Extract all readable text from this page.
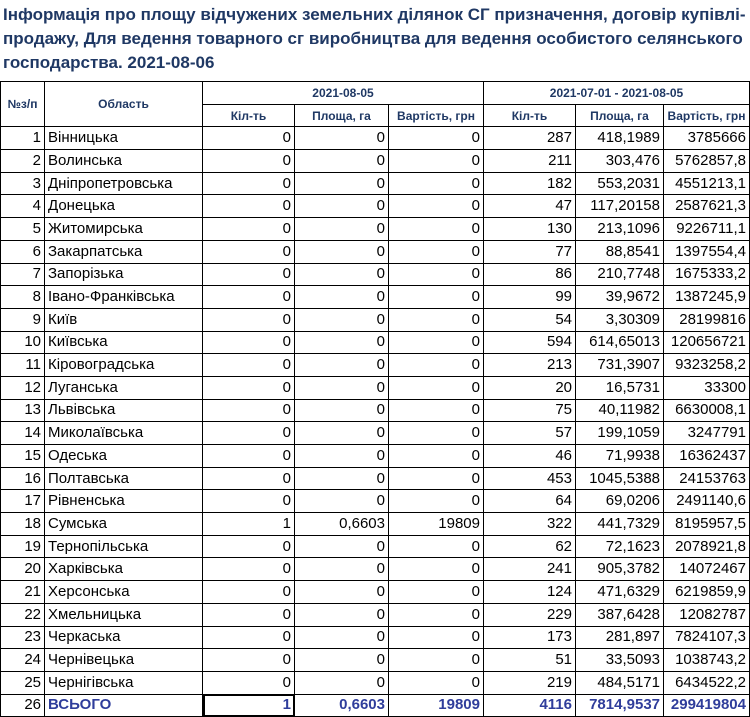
Інформація про площу відчужених земельних ділянок СГ призначення, договір купівлі-продажу, Для ведення товарного сг виробництва для ведення особистого селянського господарства. 2021-08-06
№з/п	Область	2021-08-05			2021-07-01 - 2021-08-05		
		Кіл-ть	Площа, га	Вартість, грн	Кіл-ть	Площа, га	Вартість, грн
1	Вінницька	0	0	0	287	418,1989	3785666
2	Волинська	0	0	0	211	303,476	5762857,8
3	Дніпропетровська	0	0	0	182	553,2031	4551213,1
4	Донецька	0	0	0	47	117,20158	2587621,3
5	Житомирська	0	0	0	130	213,1096	9226711,1
6	Закарпатська	0	0	0	77	88,8541	1397554,4
7	Запорізька	0	0	0	86	210,7748	1675333,2
8	Івано-Франківська	0	0	0	99	39,9672	1387245,9
9	Київ	0	0	0	54	3,30309	28199816
10	Київська	0	0	0	594	614,65013	120656721
11	Кіровоградська	0	0	0	213	731,3907	9323258,2
12	Луганська	0	0	0	20	16,5731	33300
13	Львівська	0	0	0	75	40,11982	6630008,1
14	Миколаївська	0	0	0	57	199,1059	3247791
15	Одеська	0	0	0	46	71,9938	16362437
16	Полтавська	0	0	0	453	1045,5388	24153763
17	Рівненська	0	0	0	64	69,0206	2491140,6
18	Сумська	1	0,6603	19809	322	441,7329	8195957,5
19	Тернопільська	0	0	0	62	72,1623	2078921,8
20	Харківська	0	0	0	241	905,3782	14072467
21	Херсонська	0	0	0	124	471,6329	6219859,9
22	Хмельницька	0	0	0	229	387,6428	12082787
23	Черкаська	0	0	0	173	281,897	7824107,3
24	Чернівецька	0	0	0	51	33,5093	1038743,2
25	Чернігівська	0	0	0	219	484,5171	6434522,2
26	ВСЬОГО	1	0,6603	19809	4116	7814,9537	299419804
